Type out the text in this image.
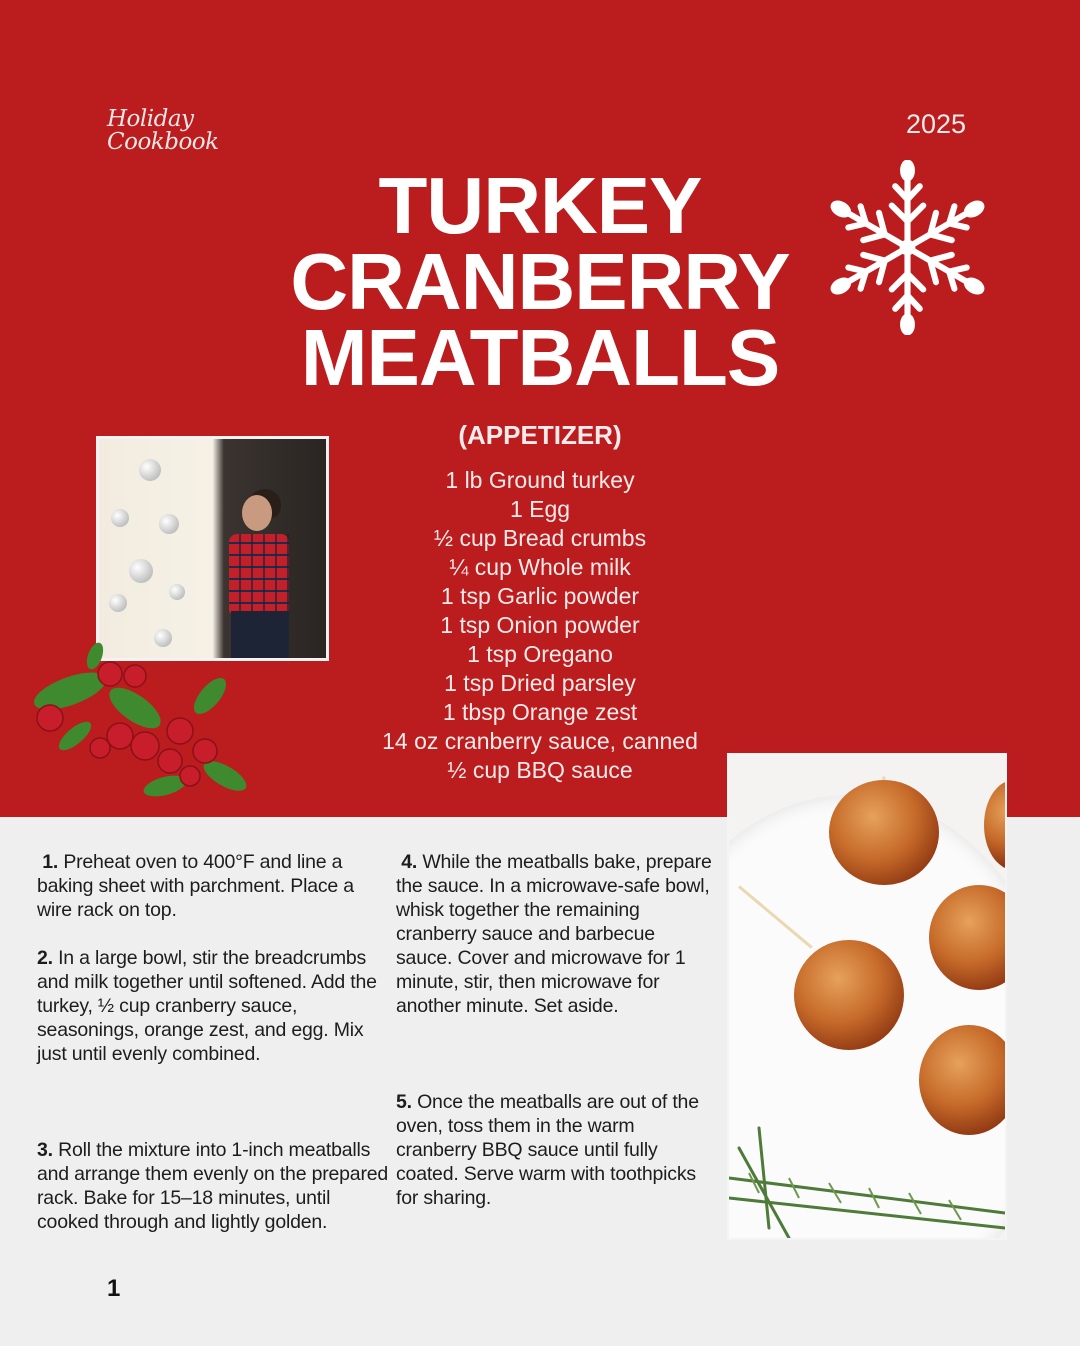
Holiday
Cookbook
2025
TURKEY
CRANBERRY
MEATBALLS
(APPETIZER)
1 lb Ground turkey
1 Egg
½ cup Bread crumbs
¼ cup Whole milk
1 tsp Garlic powder
1 tsp Onion powder
1 tsp Oregano
1 tsp Dried parsley
1 tbsp Orange zest
14 oz cranberry sauce, canned
½ cup BBQ sauce

1. Preheat oven to 400°F and line a baking sheet with parchment. Place a wire rack on top.

2. In a large bowl, stir the breadcrumbs and milk together until softened. Add the turkey, ½ cup cranberry sauce, seasonings, orange zest, and egg. Mix just until evenly combined.

3. Roll the mixture into 1-inch meatballs and arrange them evenly on the prepared rack. Bake for 15–18 minutes, until cooked through and lightly golden.

4. While the meatballs bake, prepare the sauce. In a microwave-safe bowl, whisk together the remaining cranberry sauce and barbecue sauce. Cover and microwave for 1 minute, stir, then microwave for another minute. Set aside.

5. Once the meatballs are out of the oven, toss them in the warm cranberry BBQ sauce until fully coated. Serve warm with toothpicks for sharing.

1
